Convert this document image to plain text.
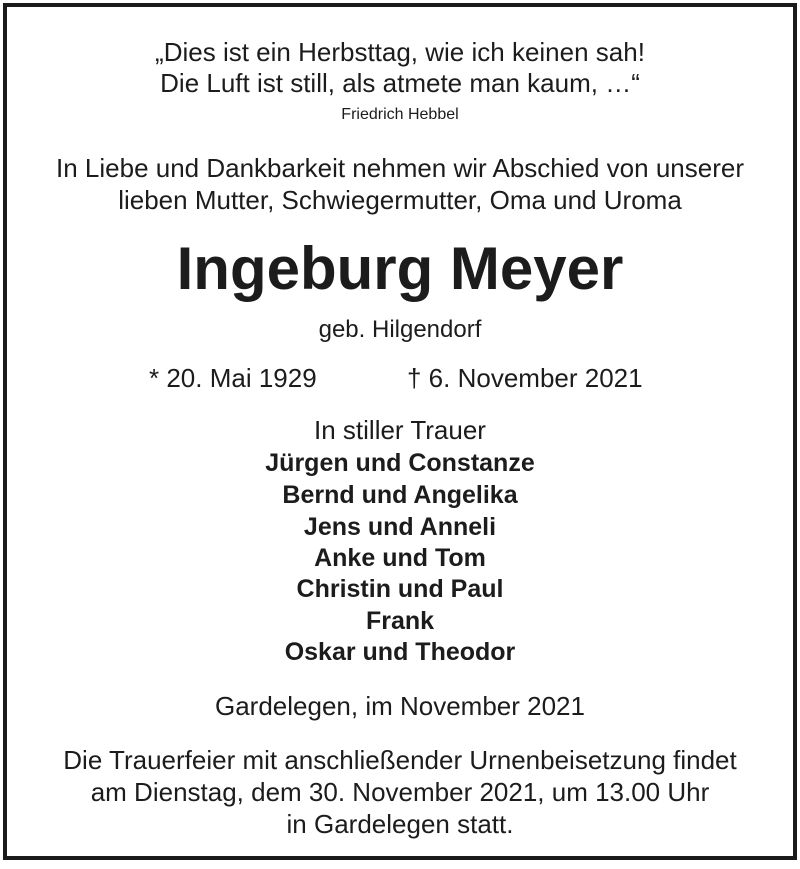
„Dies ist ein Herbsttag, wie ich keinen sah!
Die Luft ist still, als atmete man kaum, …“
Friedrich Hebbel
In Liebe und Dankbarkeit nehmen wir Abschied von unserer
lieben Mutter, Schwiegermutter, Oma und Uroma
Ingeburg Meyer
geb. Hilgendorf
* 20. Mai 1929	† 6. November 2021
In stiller Trauer
Jürgen und Constanze
Bernd und Angelika
Jens und Anneli
Anke und Tom
Christin und Paul
Frank
Oskar und Theodor
Gardelegen, im November 2021
Die Trauerfeier mit anschließender Urnenbeisetzung findet
am Dienstag, dem 30. November 2021, um 13.00 Uhr
in Gardelegen statt.
